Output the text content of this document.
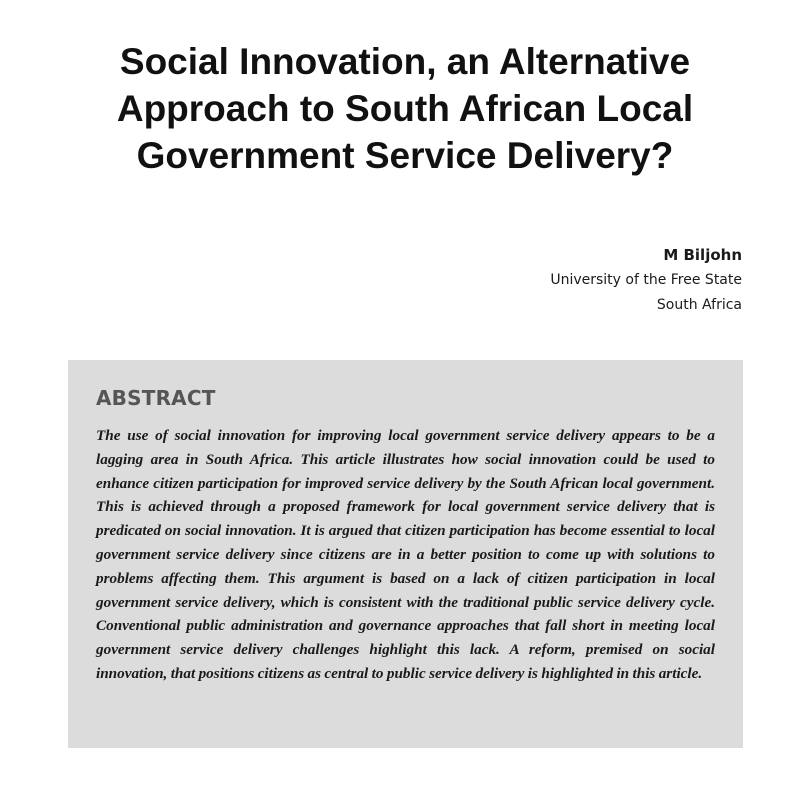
Social Innovation, an Alternative
Approach to South African Local
Government Service Delivery?
M Biljohn
University of the Free State
South Africa
ABSTRACT

The use of social innovation for improving local government service delivery appears to be a lagging area in South Africa. This article illustrates how social innovation could be used to enhance citizen participation for improved service delivery by the South African local government. This is achieved through a proposed framework for local government service delivery that is predicated on social innovation. It is argued that citizen participation has become essential to local government service delivery since citizens are in a better position to come up with solutions to problems affecting them. This argument is based on a lack of citizen participation in local government service delivery, which is consistent with the traditional public service delivery cycle. Conventional public administration and governance approaches that fall short in meeting local government service delivery challenges highlight this lack. A reform, premised on social innovation, that positions citizens as central to public service delivery is highlighted in this article.
